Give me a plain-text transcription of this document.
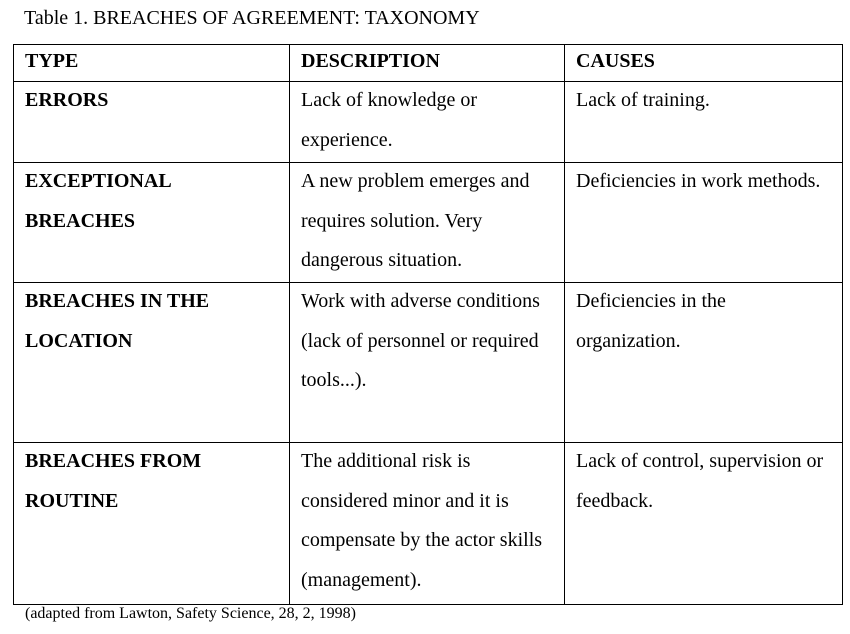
Table 1. BREACHES OF AGREEMENT: TAXONOMY
TYPE	DESCRIPTION	CAUSES

ERRORS	Lack of knowledge or experience.	Lack of training.

EXCEPTIONAL BREACHES	A new problem emerges and requires solution. Very dangerous situation.	Deficiencies in work methods.

BREACHES IN THE LOCATION	Work with adverse conditions (lack of personnel or required tools...).	Deficiencies in the organization.

BREACHES FROM ROUTINE	The additional risk is considered minor and it is compensate by the actor skills (management).	Lack of control, supervision or feedback.
(adapted from Lawton, Safety Science, 28, 2, 1998)
